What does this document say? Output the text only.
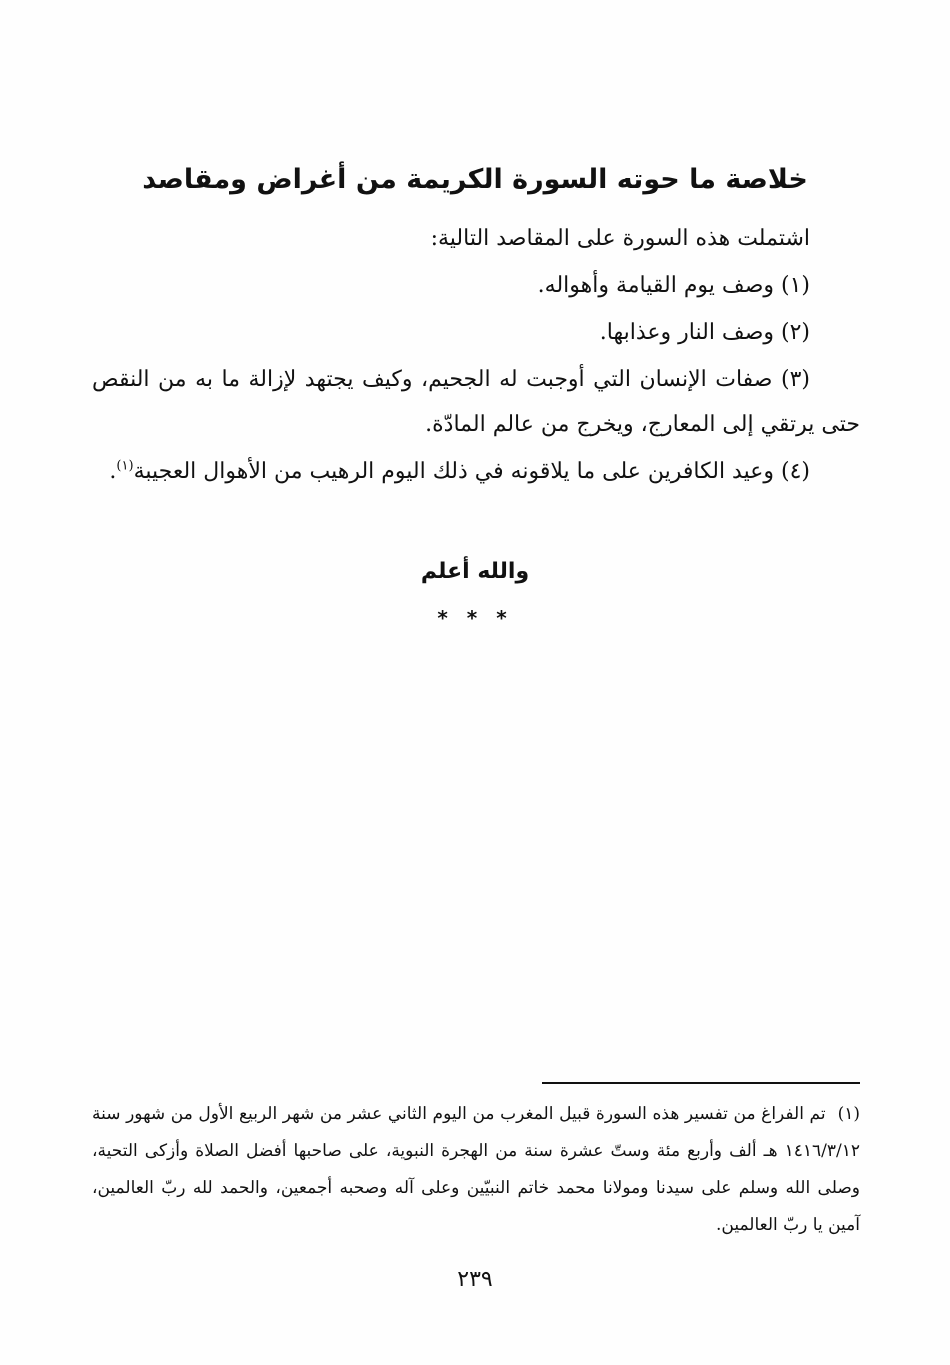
خلاصة ما حوته السورة الكريمة من أغراض ومقاصد

اشتملت هذه السورة على المقاصد التالية:

(١) وصف يوم القيامة وأهواله.

(٢) وصف النار وعذابها.

(٣) صفات الإنسان التي أوجبت له الجحيم، وكيف يجتهد لإزالة ما به من النقص حتى يرتقي إلى المعارج، ويخرج من عالم المادّة.

(٤) وعيد الكافرين على ما يلاقونه في ذلك اليوم الرهيب من الأهوال العجيبة$^{(١)}$.

والله أعلم
* * *
(١)تم الفراغ من تفسير هذه السورة قبيل المغرب من اليوم الثاني عشر من شهر الربيع الأول من شهور سنة ١٤١٦/٣/١٢ هـ ألف وأربع مئة وستّ عشرة سنة من الهجرة النبوية، على صاحبها أفضل الصلاة وأزكى التحية، وصلى الله وسلم على سيدنا ومولانا محمد خاتم النبيّين وعلى آله وصحبه أجمعين، والحمد لله ربّ العالمين، آمين يا ربّ العالمين.
٢٣٩
